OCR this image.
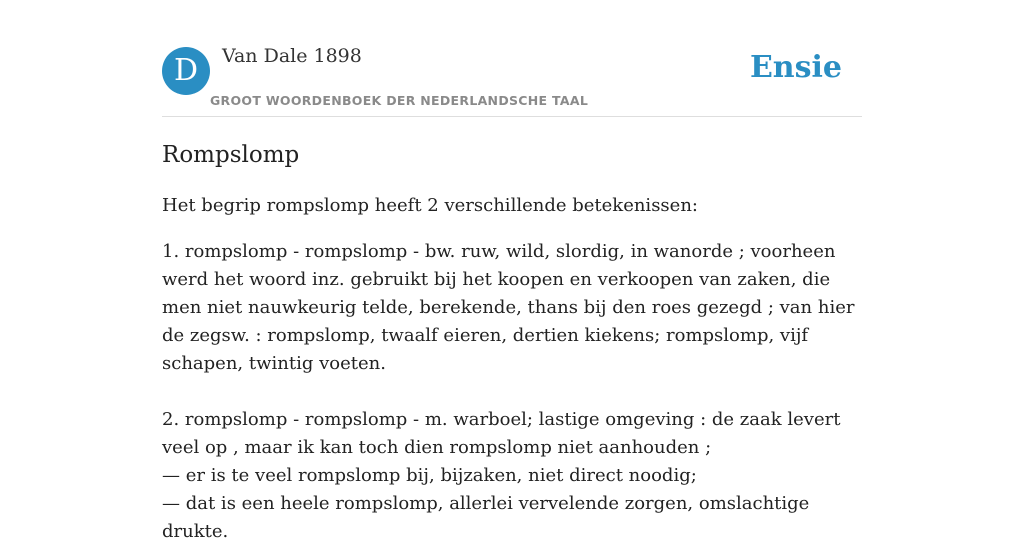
D	Van Dale 1898
GROOT WOORDENBOEK DER NEDERLANDSCHE TAAL
Ensie
Rompslomp

Het begrip rompslomp heeft 2 verschillende betekenissen:

1. rompslomp - rompslomp - bw. ruw, wild, slordig, in wanorde ; voorheen werd het woord inz. gebruikt bij het koopen en verkoopen van zaken, die men niet nauwkeurig telde, berekende, thans bij den roes gezegd ; van hier de zegsw. : rompslomp, twaalf eieren, dertien kiekens; rompslomp, vijf schapen, twintig voeten.

2. rompslomp - rompslomp - m. warboel; lastige omgeving : de zaak levert veel op , maar ik kan toch dien rompslomp niet aanhouden ;
— er is te veel rompslomp bij, bijzaken, niet direct noodig;
— dat is een heele rompslomp, allerlei vervelende zorgen, omslachtige drukte.
